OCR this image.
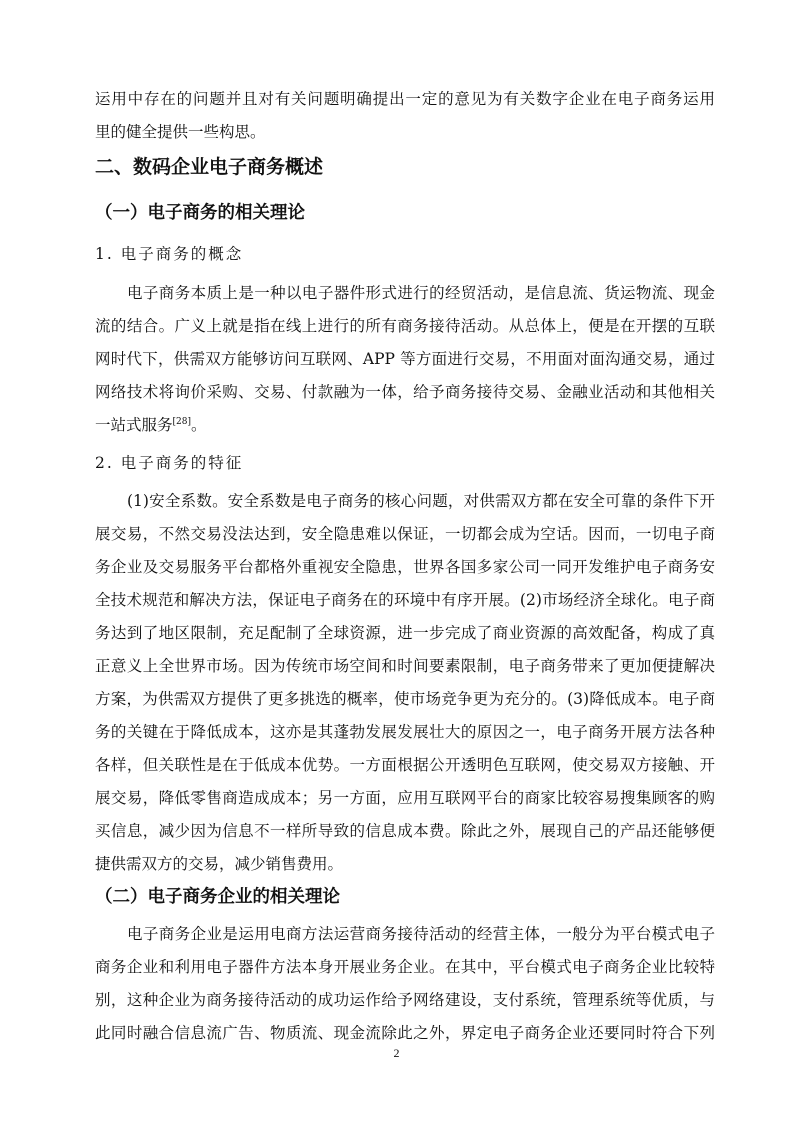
运用中存在的问题并且对有关问题明确提出一定的意见为有关数字企业在电子商务运用
里的健全提供一些构思。
二、数码企业电子商务概述
（一）电子商务的相关理论
1. 电子商务的概念
电子商务本质上是一种以电子器件形式进行的经贸活动，是信息流、货运物流、现金
流的结合。广义上就是指在线上进行的所有商务接待活动。从总体上，便是在开摆的互联
网时代下，供需双方能够访问互联网、APP 等方面进行交易，不用面对面沟通交易，通过
网络技术将询价采购、交易、付款融为一体，给予商务接待交易、金融业活动和其他相关
一站式服务[28]。
2. 电子商务的特征
(1)安全系数。安全系数是电子商务的核心问题，对供需双方都在安全可靠的条件下开
展交易，不然交易没法达到，安全隐患难以保证，一切都会成为空话。因而，一切电子商
务企业及交易服务平台都格外重视安全隐患，世界各国多家公司一同开发维护电子商务安
全技术规范和解决方法，保证电子商务在的环境中有序开展。(2)市场经济全球化。电子商
务达到了地区限制，充足配制了全球资源，进一步完成了商业资源的高效配备，构成了真
正意义上全世界市场。因为传统市场空间和时间要素限制，电子商务带来了更加便捷解决
方案，为供需双方提供了更多挑选的概率，使市场竞争更为充分的。(3)降低成本。电子商
务的关键在于降低成本，这亦是其蓬勃发展发展壮大的原因之一，电子商务开展方法各种
各样，但关联性是在于低成本优势。一方面根据公开透明色互联网，使交易双方接触、开
展交易，降低零售商造成成本；另一方面，应用互联网平台的商家比较容易搜集顾客的购
买信息，减少因为信息不一样所导致的信息成本费。除此之外，展现自己的产品还能够便
捷供需双方的交易，减少销售费用。
（二）电子商务企业的相关理论
电子商务企业是运用电商方法运营商务接待活动的经营主体，一般分为平台模式电子
商务企业和利用电子器件方法本身开展业务企业。在其中，平台模式电子商务企业比较特
别，这种企业为商务接待活动的成功运作给予网络建设，支付系统，管理系统等优质，与
此同时融合信息流广告、物质流、现金流除此之外，界定电子商务企业还要同时符合下列
2
